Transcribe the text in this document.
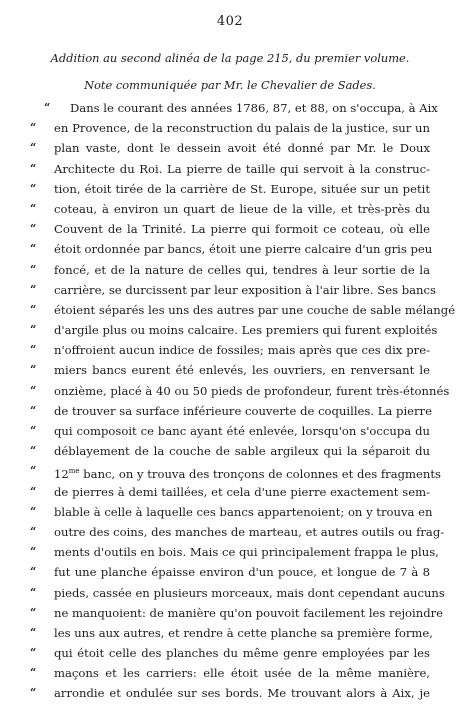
402
Addition au second alinéa de la page 215, du premier volume.
Note communiquée par Mr. le Chevalier de Sades.
“	Dans le courant des années 1786, 87, et 88, on s'occupa, à Aix
“	en Provence, de la reconstruction du palais de la justice, sur un
“	plan vaste, dont le dessein avoit été donné par Mr. le Doux
“	Architecte du Roi. La pierre de taille qui servoit à la construc-
“	tion, étoit tirée de la carrière de St. Europe, située sur un petit
“	coteau, à environ un quart de lieue de la ville, et très-près du
“	Couvent de la Trinité. La pierre qui formoit ce coteau, où elle
“	étoit ordonnée par bancs, étoit une pierre calcaire d'un gris peu
“	foncé, et de la nature de celles qui, tendres à leur sortie de la
“	carrière, se durcissent par leur exposition à l'air libre. Ses bancs
“	étoient séparés les uns des autres par une couche de sable mélangé
“	d'argile plus ou moins calcaire. Les premiers qui furent exploités
“	n'offroient aucun indice de fossiles; mais après que ces dix pre-
“	miers bancs eurent été enlevés, les ouvriers, en renversant le
“	onzième, placé à 40 ou 50 pieds de profondeur, furent très-étonnés
“	de trouver sa surface inférieure couverte de coquilles. La pierre
“	qui composoit ce banc ayant été enlevée, lorsqu'on s'occupa du
“	déblayement de la couche de sable argileux qui la séparoit du
“	$12^{me}$ banc, on y trouva des tronçons de colonnes et des fragments
“	de pierres à demi taillées, et cela d'une pierre exactement sem-
“	blable à celle à laquelle ces bancs appartenoient; on y trouva en
“	outre des coins, des manches de marteau, et autres outils ou frag-
“	ments d'outils en bois. Mais ce qui principalement frappa le plus,
“	fut une planche épaisse environ d'un pouce, et longue de 7 à 8
“	pieds, cassée en plusieurs morceaux, mais dont cependant aucuns
“	ne manquoient: de manière qu'on pouvoit facilement les rejoindre
“	les uns aux autres, et rendre à cette planche sa première forme,
“	qui étoit celle des planches du même genre employées par les
“	maçons et les carriers: elle étoit usée de la même manière,
“	arrondie et ondulée sur ses bords. Me trouvant alors à Aix, je
